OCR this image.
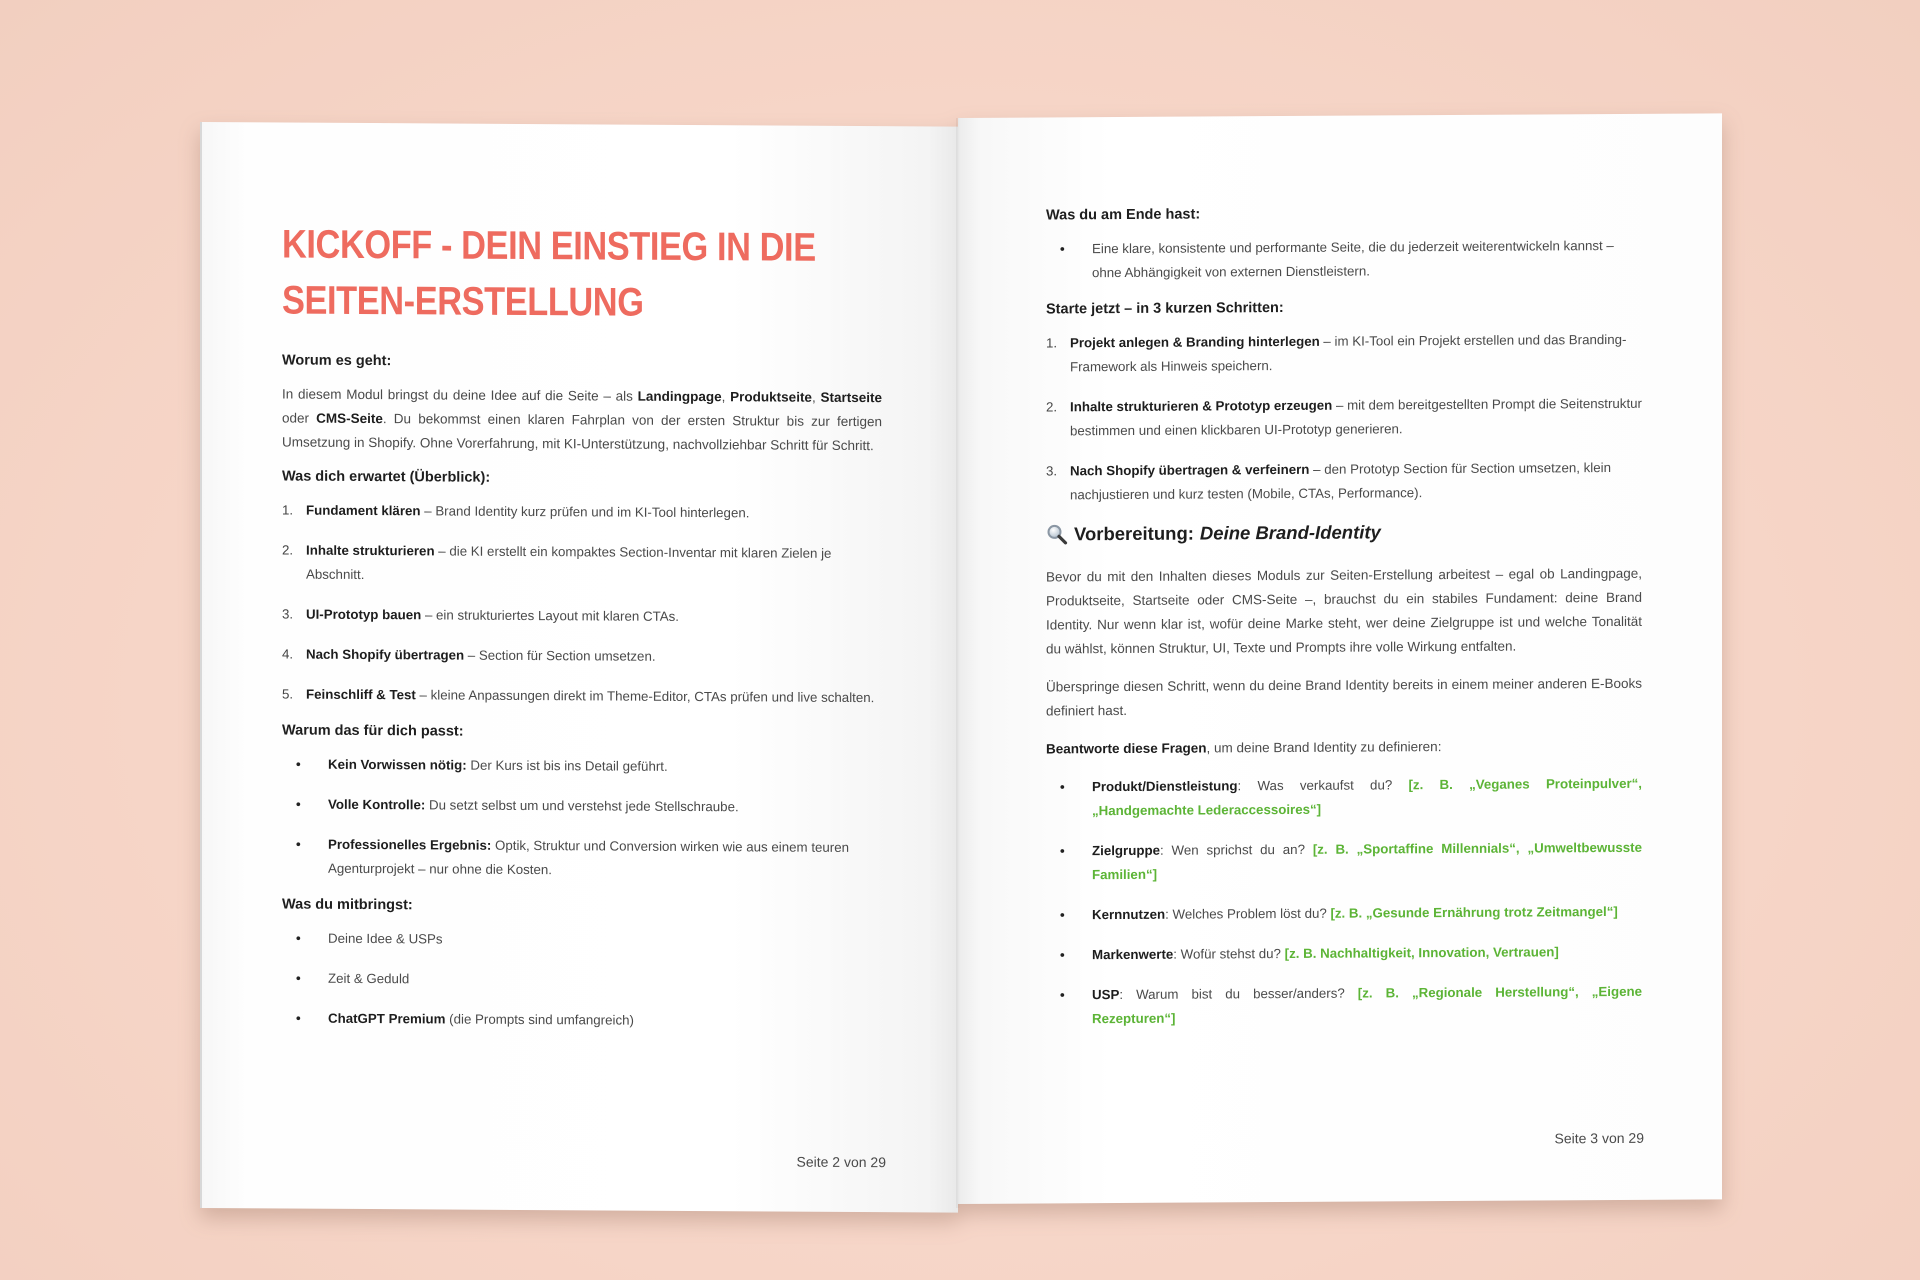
KICKOFF - DEIN EINSTIEG IN DIE
SEITEN-ERSTELLUNG
Worum es geht:

In diesem Modul bringst du deine Idee auf die Seite – als Landingpage, Produktseite, Startseite oder CMS-Seite. Du bekommst einen klaren Fahrplan von der ersten Struktur bis zur fertigen Umsetzung in Shopify. Ohne Vorerfahrung, mit KI-Unterstützung, nachvollziehbar Schritt für Schritt.

Was dich erwartet (Überblick):
1. Fundament klären – Brand Identity kurz prüfen und im KI-Tool hinterlegen.
2. Inhalte strukturieren – die KI erstellt ein kompaktes Section-Inventar mit klaren Zielen je Abschnitt.
3. UI-Prototyp bauen – ein strukturiertes Layout mit klaren CTAs.
4. Nach Shopify übertragen – Section für Section umsetzen.
5. Feinschliff & Test – kleine Anpassungen direkt im Theme-Editor, CTAs prüfen und live schalten.
Warum das für dich passt:
• Kein Vorwissen nötig: Der Kurs ist bis ins Detail geführt.
• Volle Kontrolle: Du setzt selbst um und verstehst jede Stellschraube.
• Professionelles Ergebnis: Optik, Struktur und Conversion wirken wie aus einem teuren Agenturprojekt – nur ohne die Kosten.
Was du mitbringst:
• Deine Idee & USPs
• Zeit & Geduld
• ChatGPT Premium (die Prompts sind umfangreich)
Seite 2 von 29
Was du am Ende hast:
• Eine klare, konsistente und performante Seite, die du jederzeit weiterentwickeln kannst – ohne Abhängigkeit von externen Dienstleistern.
Starte jetzt – in 3 kurzen Schritten:
1. Projekt anlegen & Branding hinterlegen – im KI-Tool ein Projekt erstellen und das Branding-Framework als Hinweis speichern.
2. Inhalte strukturieren & Prototyp erzeugen – mit dem bereitgestellten Prompt die Seitenstruktur bestimmen und einen klickbaren UI-Prototyp generieren.
3. Nach Shopify übertragen & verfeinern – den Prototyp Section für Section umsetzen, klein nachjustieren und kurz testen (Mobile, CTAs, Performance).
Vorbereitung: Deine Brand-Identity

Bevor du mit den Inhalten dieses Moduls zur Seiten-Erstellung arbeitest – egal ob Landingpage, Produktseite, Startseite oder CMS-Seite –, brauchst du ein stabiles Fundament: deine Brand Identity. Nur wenn klar ist, wofür deine Marke steht, wer deine Zielgruppe ist und welche Tonalität du wählst, können Struktur, UI, Texte und Prompts ihre volle Wirkung entfalten.

Überspringe diesen Schritt, wenn du deine Brand Identity bereits in einem meiner anderen E-Books definiert hast.

Beantworte diese Fragen, um deine Brand Identity zu definieren:

• Produkt/Dienstleistung: Was verkaufst du? [z. B. „Veganes Proteinpulver“, „Handgemachte Lederaccessoires“]
• Zielgruppe: Wen sprichst du an? [z. B. „Sportaffine Millennials“, „Umweltbewusste Familien“]
• Kernnutzen: Welches Problem löst du? [z. B. „Gesunde Ernährung trotz Zeitmangel“]
• Markenwerte: Wofür stehst du? [z. B. Nachhaltigkeit, Innovation, Vertrauen]
• USP: Warum bist du besser/anders? [z. B. „Regionale Herstellung“, „Eigene Rezepturen“]
Seite 3 von 29
